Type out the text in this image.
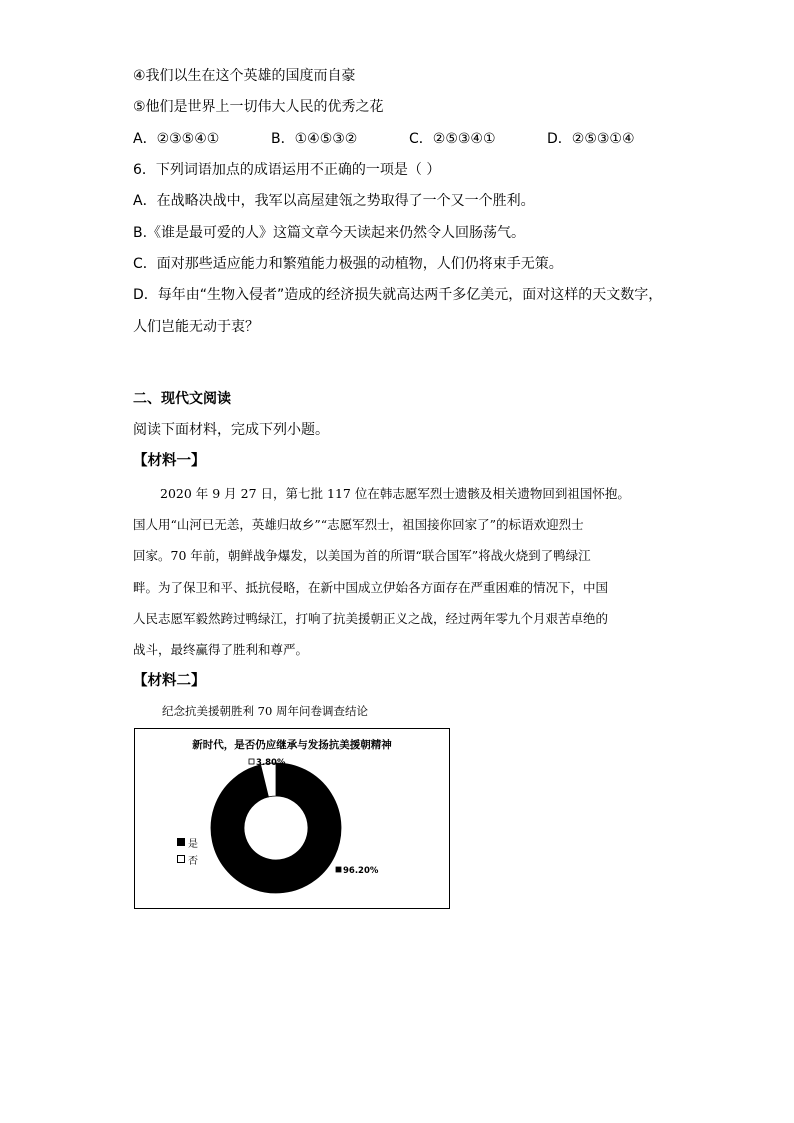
④我们以生在这个英雄的国度而自豪
⑤他们是世界上一切伟大人民的优秀之花
A．②③⑤④①	B．①④⑤③②	C．②⑤③④①	D．②⑤③①④
6．下列词语加点的成语运用不正确的一项是（ ）
A．在战略决战中，我军以高屋建瓴之势取得了一个又一个胜利。
B.《谁是最可爱的人》这篇文章今天读起来仍然令人回肠荡气。
C．面对那些适应能力和繁殖能力极强的动植物，人们仍将束手无策。
D．每年由“生物入侵者”造成的经济损失就高达两千多亿美元，面对这样的天文数字，
人们岂能无动于衷？
二、现代文阅读
阅读下面材料，完成下列小题。
【材料一】
2020 年 9 月 27 日，第七批 117 位在韩志愿军烈士遗骸及相关遗物回到祖国怀抱。
国人用“山河已无恙，英雄归故乡”“志愿军烈士，祖国接你回家了”的标语欢迎烈士
回家。70 年前，朝鲜战争爆发，以美国为首的所谓“联合国军”将战火烧到了鸭绿江
畔。为了保卫和平、抵抗侵略，在新中国成立伊始各方面存在严重困难的情况下，中国
人民志愿军毅然跨过鸭绿江，打响了抗美援朝正义之战，经过两年零九个月艰苦卓绝的
战斗，最终赢得了胜利和尊严。
【材料二】
纪念抗美援朝胜利 70 周年问卷调查结论
新时代，是否仍应继承与发扬抗美援朝精神
96.20%
3.80%
是
否
